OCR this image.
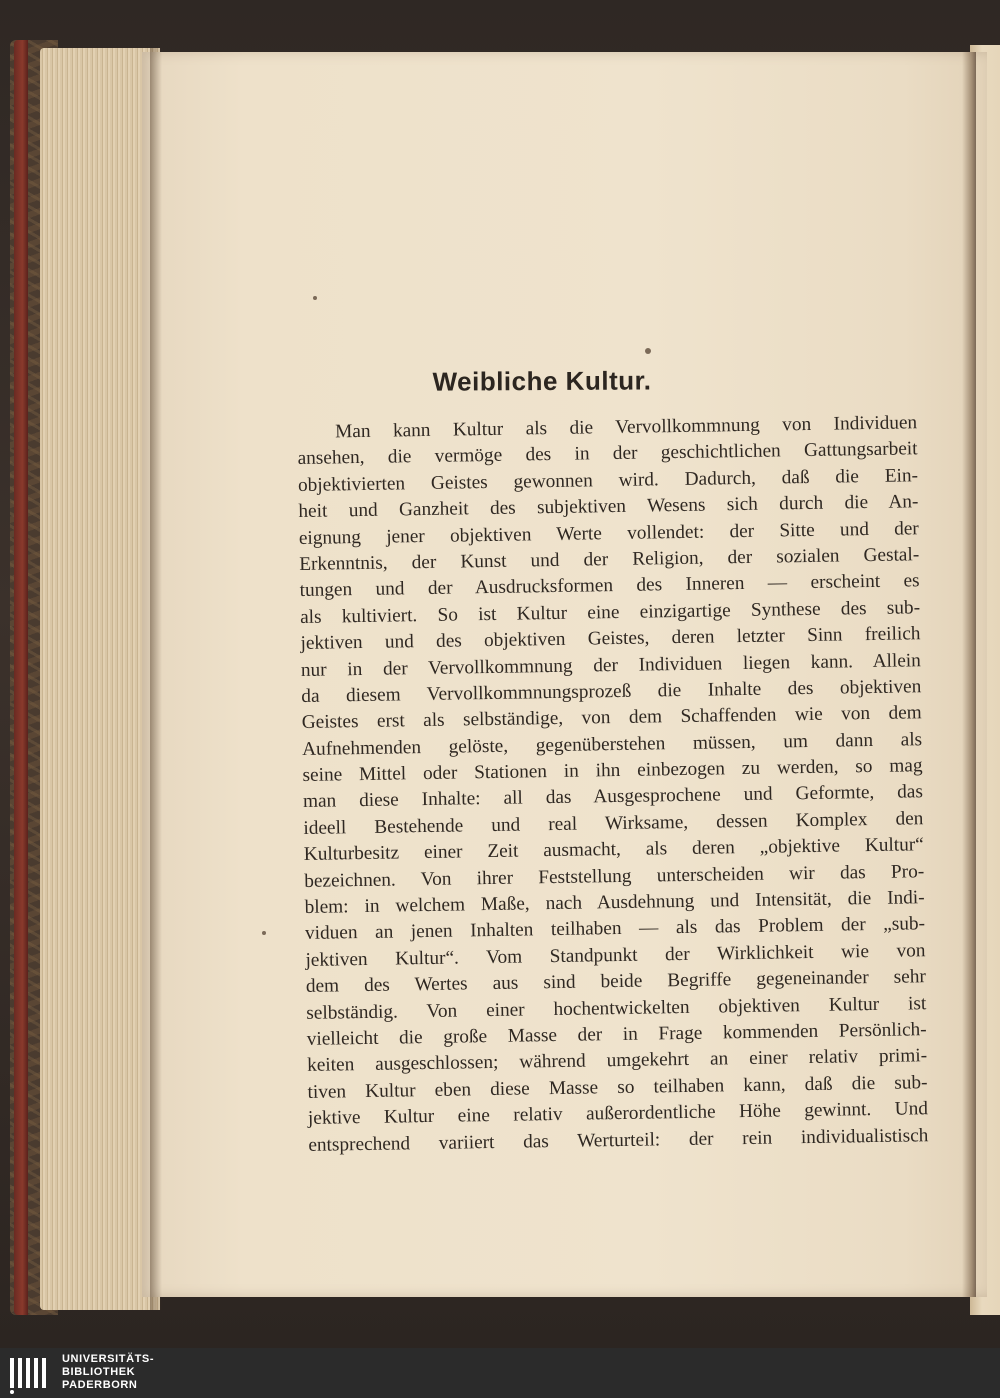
Weibliche Kultur.
Man kann Kultur als die Vervollkommnung von Individuen
ansehen, die vermöge des in der geschichtlichen Gattungsarbeit
objektivierten Geistes gewonnen wird. Dadurch, daß die Ein-
heit und Ganzheit des subjektiven Wesens sich durch die An-
eignung jener objektiven Werte vollendet: der Sitte und der
Erkenntnis, der Kunst und der Religion, der sozialen Gestal-
tungen und der Ausdrucksformen des Inneren — erscheint es
als kultiviert. So ist Kultur eine einzigartige Synthese des sub-
jektiven und des objektiven Geistes, deren letzter Sinn freilich
nur in der Vervollkommnung der Individuen liegen kann. Allein
da diesem Vervollkommnungsprozeß die Inhalte des objektiven
Geistes erst als selbständige, von dem Schaffenden wie von dem
Aufnehmenden gelöste, gegenüberstehen müssen, um dann als
seine Mittel oder Stationen in ihn einbezogen zu werden, so mag
man diese Inhalte: all das Ausgesprochene und Geformte, das
ideell Bestehende und real Wirksame, dessen Komplex den
Kulturbesitz einer Zeit ausmacht, als deren „objektive Kultur“
bezeichnen. Von ihrer Feststellung unterscheiden wir das Pro-
blem: in welchem Maße, nach Ausdehnung und Intensität, die Indi-
viduen an jenen Inhalten teilhaben — als das Problem der „sub-
jektiven Kultur“. Vom Standpunkt der Wirklichkeit wie von
dem des Wertes aus sind beide Begriffe gegeneinander sehr
selbständig. Von einer hochentwickelten objektiven Kultur ist
vielleicht die große Masse der in Frage kommenden Persönlich-
keiten ausgeschlossen; während umgekehrt an einer relativ primi-
tiven Kultur eben diese Masse so teilhaben kann, daß die sub-
jektive Kultur eine relativ außerordentliche Höhe gewinnt. Und
entsprechend variiert das Werturteil: der rein individualistisch
UNIVERSITÄTS-
BIBLIOTHEK
PADERBORN
